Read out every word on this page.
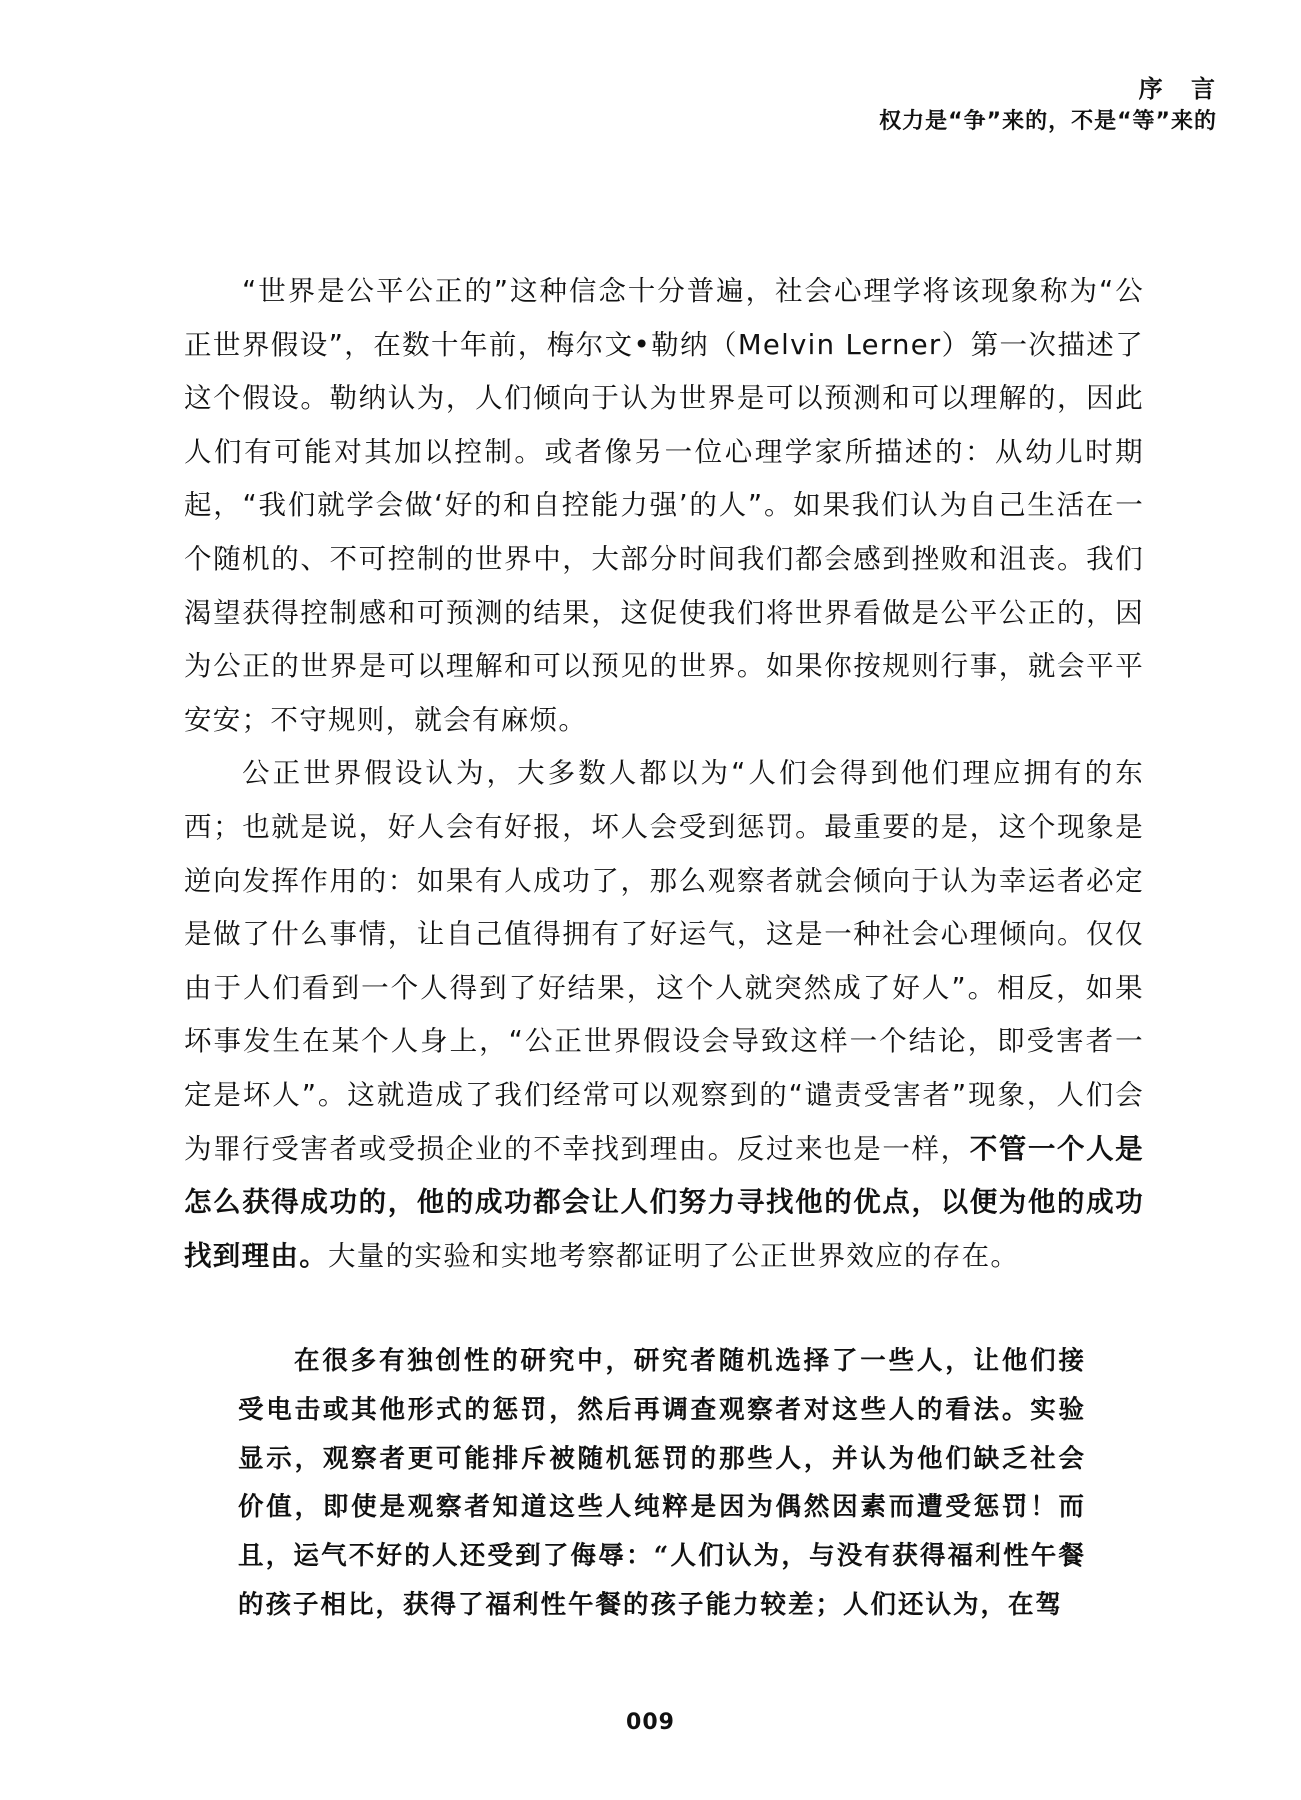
序 言
权力是“争”来的，不是“等”来的

“世界是公平公正的”这种信念十分普遍，社会心理学将该现象称为“公正世界假设”，在数十年前，梅尔文•勒纳（Melvin Lerner）第一次描述了这个假设。勒纳认为，人们倾向于认为世界是可以预测和可以理解的，因此人们有可能对其加以控制。或者像另一位心理学家所描述的：从幼儿时期起，“我们就学会做‘好的和自控能力强’的人”。如果我们认为自己生活在一个随机的、不可控制的世界中，大部分时间我们都会感到挫败和沮丧。我们渴望获得控制感和可预测的结果，这促使我们将世界看做是公平公正的，因为公正的世界是可以理解和可以预见的世界。如果你按规则行事，就会平平安安；不守规则，就会有麻烦。

公正世界假设认为，大多数人都以为“人们会得到他们理应拥有的东西；也就是说，好人会有好报，坏人会受到惩罚。最重要的是，这个现象是逆向发挥作用的：如果有人成功了，那么观察者就会倾向于认为幸运者必定是做了什么事情，让自己值得拥有了好运气，这是一种社会心理倾向。仅仅由于人们看到一个人得到了好结果，这个人就突然成了好人”。相反，如果坏事发生在某个人身上，“公正世界假设会导致这样一个结论，即受害者一定是坏人”。这就造成了我们经常可以观察到的“谴责受害者”现象，人们会为罪行受害者或受损企业的不幸找到理由。反过来也是一样，不管一个人是怎么获得成功的，他的成功都会让人们努力寻找他的优点，以便为他的成功找到理由。大量的实验和实地考察都证明了公正世界效应的存在。

在很多有独创性的研究中，研究者随机选择了一些人，让他们接受电击或其他形式的惩罚，然后再调查观察者对这些人的看法。实验显示，观察者更可能排斥被随机惩罚的那些人，并认为他们缺乏社会价值，即使是观察者知道这些人纯粹是因为偶然因素而遭受惩罚！而且，运气不好的人还受到了侮辱：“人们认为，与没有获得福利性午餐的孩子相比，获得了福利性午餐的孩子能力较差；人们还认为，在驾

009
